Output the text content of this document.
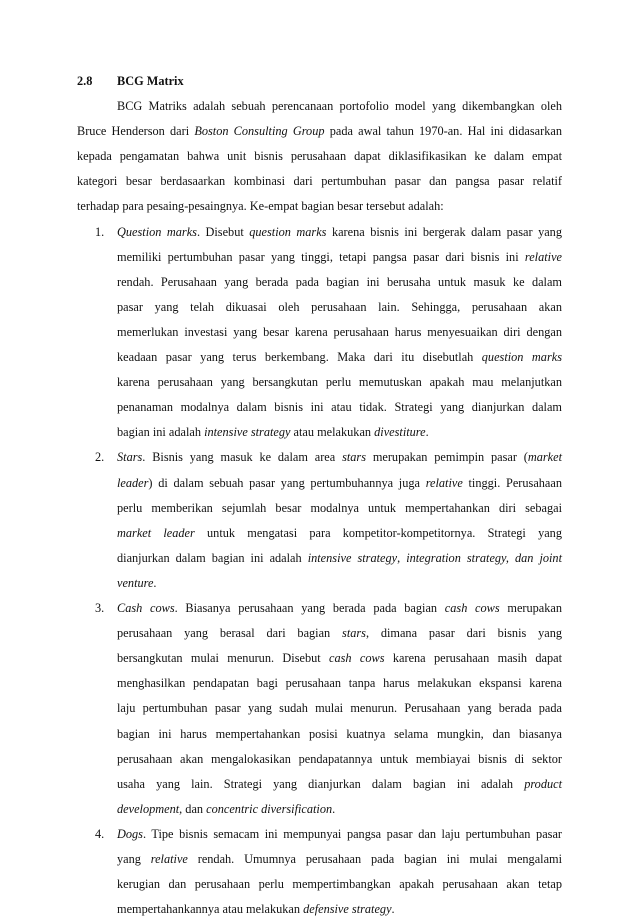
2.8 BCG Matrix
BCG Matriks adalah sebuah perencanaan portofolio model yang dikembangkan oleh
Bruce Henderson dari Boston Consulting Group pada awal tahun 1970-an. Hal ini didasarkan
kepada pengamatan bahwa unit bisnis perusahaan dapat diklasifikasikan ke dalam empat
kategori besar berdasaarkan kombinasi dari pertumbuhan pasar dan pangsa pasar relatif
terhadap para pesaing-pesaingnya. Ke-empat bagian besar tersebut adalah:
1. Question marks. Disebut question marks karena bisnis ini bergerak dalam pasar yang
memiliki pertumbuhan pasar yang tinggi, tetapi pangsa pasar dari bisnis ini relative
rendah. Perusahaan yang berada pada bagian ini berusaha untuk masuk ke dalam
pasar yang telah dikuasai oleh perusahaan lain. Sehingga, perusahaan akan
memerlukan investasi yang besar karena perusahaan harus menyesuaikan diri dengan
keadaan pasar yang terus berkembang. Maka dari itu disebutlah question marks
karena perusahaan yang bersangkutan perlu memutuskan apakah mau melanjutkan
penanaman modalnya dalam bisnis ini atau tidak. Strategi yang dianjurkan dalam
bagian ini adalah intensive strategy atau melakukan divestiture.
2. Stars. Bisnis yang masuk ke dalam area stars merupakan pemimpin pasar (market
leader) di dalam sebuah pasar yang pertumbuhannya juga relative tinggi. Perusahaan
perlu memberikan sejumlah besar modalnya untuk mempertahankan diri sebagai
market leader untuk mengatasi para kompetitor-kompetitornya. Strategi yang
dianjurkan dalam bagian ini adalah intensive strategy, integration strategy, dan joint
venture.
3. Cash cows. Biasanya perusahaan yang berada pada bagian cash cows merupakan
perusahaan yang berasal dari bagian stars, dimana pasar dari bisnis yang
bersangkutan mulai menurun. Disebut cash cows karena perusahaan masih dapat
menghasilkan pendapatan bagi perusahaan tanpa harus melakukan ekspansi karena
laju pertumbuhan pasar yang sudah mulai menurun. Perusahaan yang berada pada
bagian ini harus mempertahankan posisi kuatnya selama mungkin, dan biasanya
perusahaan akan mengalokasikan pendapatannya untuk membiayai bisnis di sektor
usaha yang lain. Strategi yang dianjurkan dalam bagian ini adalah product
development, dan concentric diversification.
4. Dogs. Tipe bisnis semacam ini mempunyai pangsa pasar dan laju pertumbuhan pasar
yang relative rendah. Umumnya perusahaan pada bagian ini mulai mengalami
kerugian dan perusahaan perlu mempertimbangkan apakah perusahaan akan tetap
mempertahankannya atau melakukan defensive strategy.
